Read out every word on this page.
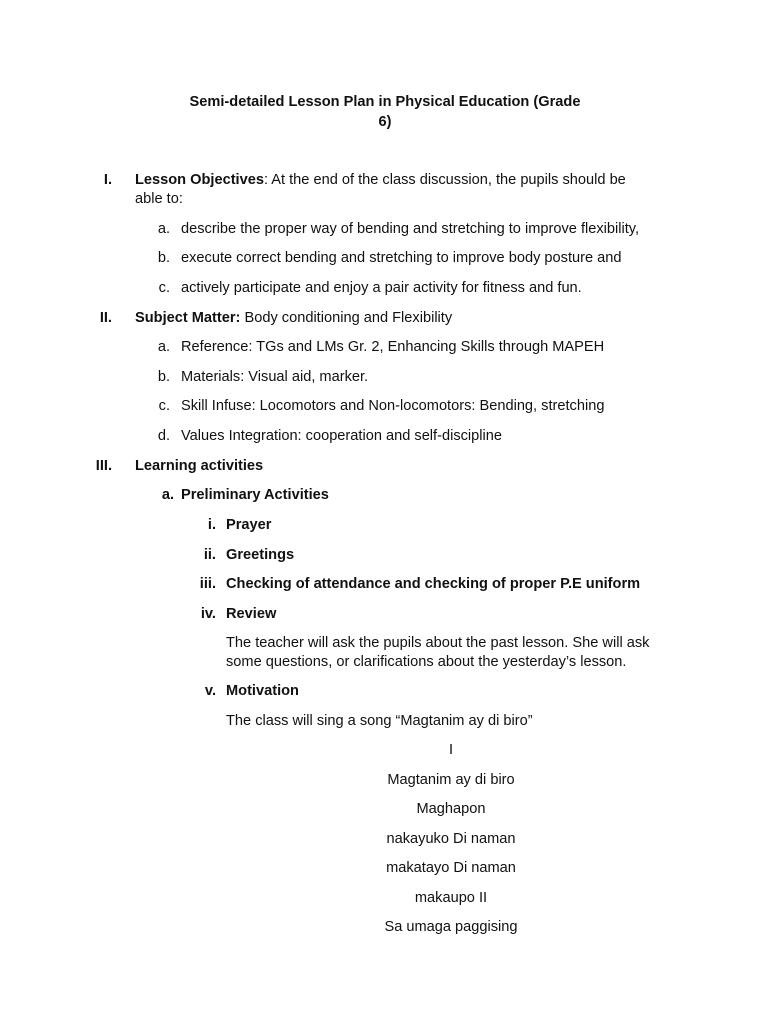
Semi-detailed Lesson Plan in Physical Education (Grade
6)
I. Lesson Objectives: At the end of the class discussion, the pupils should be
able to:
a. describe the proper way of bending and stretching to improve flexibility,
b. execute correct bending and stretching to improve body posture and
c. actively participate and enjoy a pair activity for fitness and fun.
II. Subject Matter: Body conditioning and Flexibility
a. Reference: TGs and LMs Gr. 2, Enhancing Skills through MAPEH
b. Materials: Visual aid, marker.
c. Skill Infuse: Locomotors and Non-locomotors: Bending, stretching
d. Values Integration: cooperation and self-discipline
III. Learning activities
a. Preliminary Activities
i. Prayer
ii. Greetings
iii. Checking of attendance and checking of proper P.E uniform
iv. Review
The teacher will ask the pupils about the past lesson. She will ask
some questions, or clarifications about the yesterday’s lesson.
v. Motivation
The class will sing a song “Magtanim ay di biro”
I
Magtanim ay di biro
Maghapon
nakayuko Di naman
makatayo Di naman
makaupo II
Sa umaga paggising
